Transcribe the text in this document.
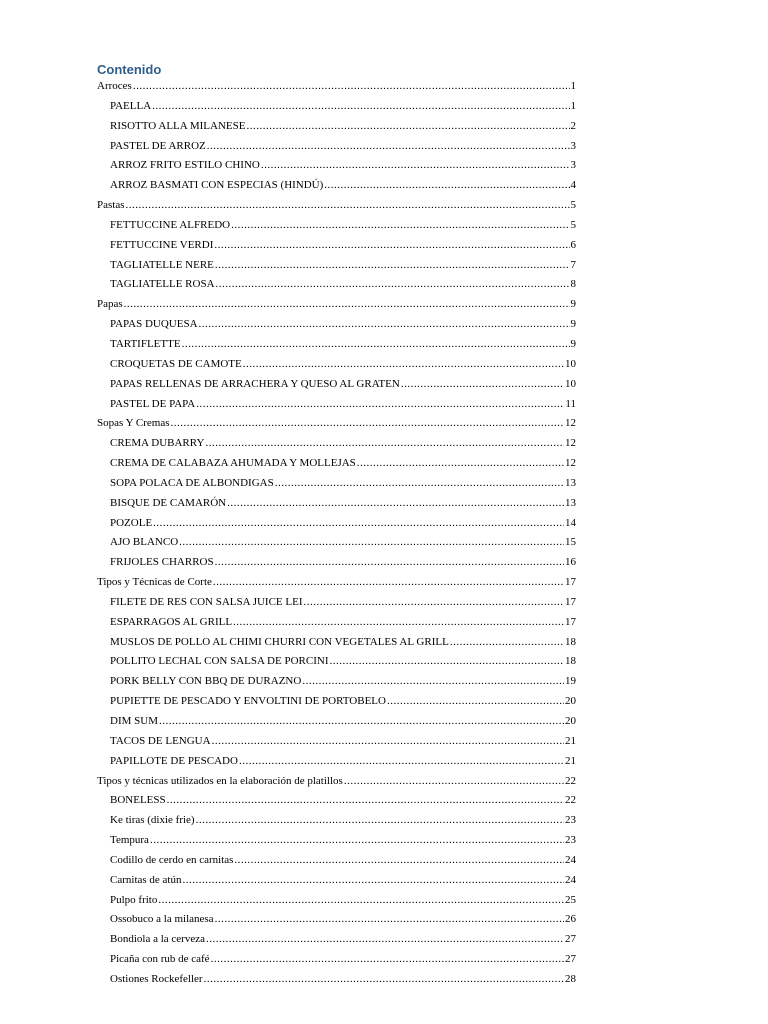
Contenido
Arroces .....	1
PAELLA .....	1
RISOTTO ALLA MILANESE .....	2
PASTEL DE ARROZ .....	3
ARROZ FRITO ESTILO CHINO .....	3
ARROZ BASMATI CON ESPECIAS (HINDÚ) .....	4
Pastas .....	5
FETTUCCINE ALFREDO .....	5
FETTUCCINE VERDI .....	6
TAGLIATELLE NERE .....	7
TAGLIATELLE ROSA .....	8
Papas .....	9
PAPAS DUQUESA .....	9
TARTIFLETTE .....	9
CROQUETAS DE CAMOTE .....	10
PAPAS RELLENAS DE ARRACHERA Y QUESO AL GRATEN .....	10
PASTEL DE PAPA .....	11
Sopas Y Cremas .....	12
CREMA DUBARRY .....	12
CREMA DE CALABAZA AHUMADA Y MOLLEJAS .....	12
SOPA POLACA DE ALBONDIGAS .....	13
BISQUE DE CAMARÓN .....	13
POZOLE .....	14
AJO BLANCO .....	15
FRIJOLES CHARROS .....	16
Tipos y Técnicas de Corte .....	17
FILETE DE RES CON SALSA JUICE LEI .....	17
ESPARRAGOS AL GRILL .....	17
MUSLOS DE POLLO AL CHIMI CHURRI CON VEGETALES AL GRILL .....	18
POLLITO LECHAL CON SALSA DE PORCINI .....	18
PORK BELLY CON BBQ DE DURAZNO .....	19
PUPIETTE DE PESCADO Y ENVOLTINI DE PORTOBELO .....	20
DIM SUM .....	20
TACOS DE LENGUA .....	21
PAPILLOTE DE PESCADO .....	21
Tipos y técnicas utilizados en la elaboración de platillos .....	22
BONELESS .....	22
Ke tiras (dixie frie) .....	23
Tempura .....	23
Codillo de cerdo en carnitas .....	24
Carnitas de atún .....	24
Pulpo frito .....	25
Ossobuco a la milanesa .....	26
Bondiola a la cerveza .....	27
Picaña con rub de café .....	27
Ostiones Rockefeller .....	28
